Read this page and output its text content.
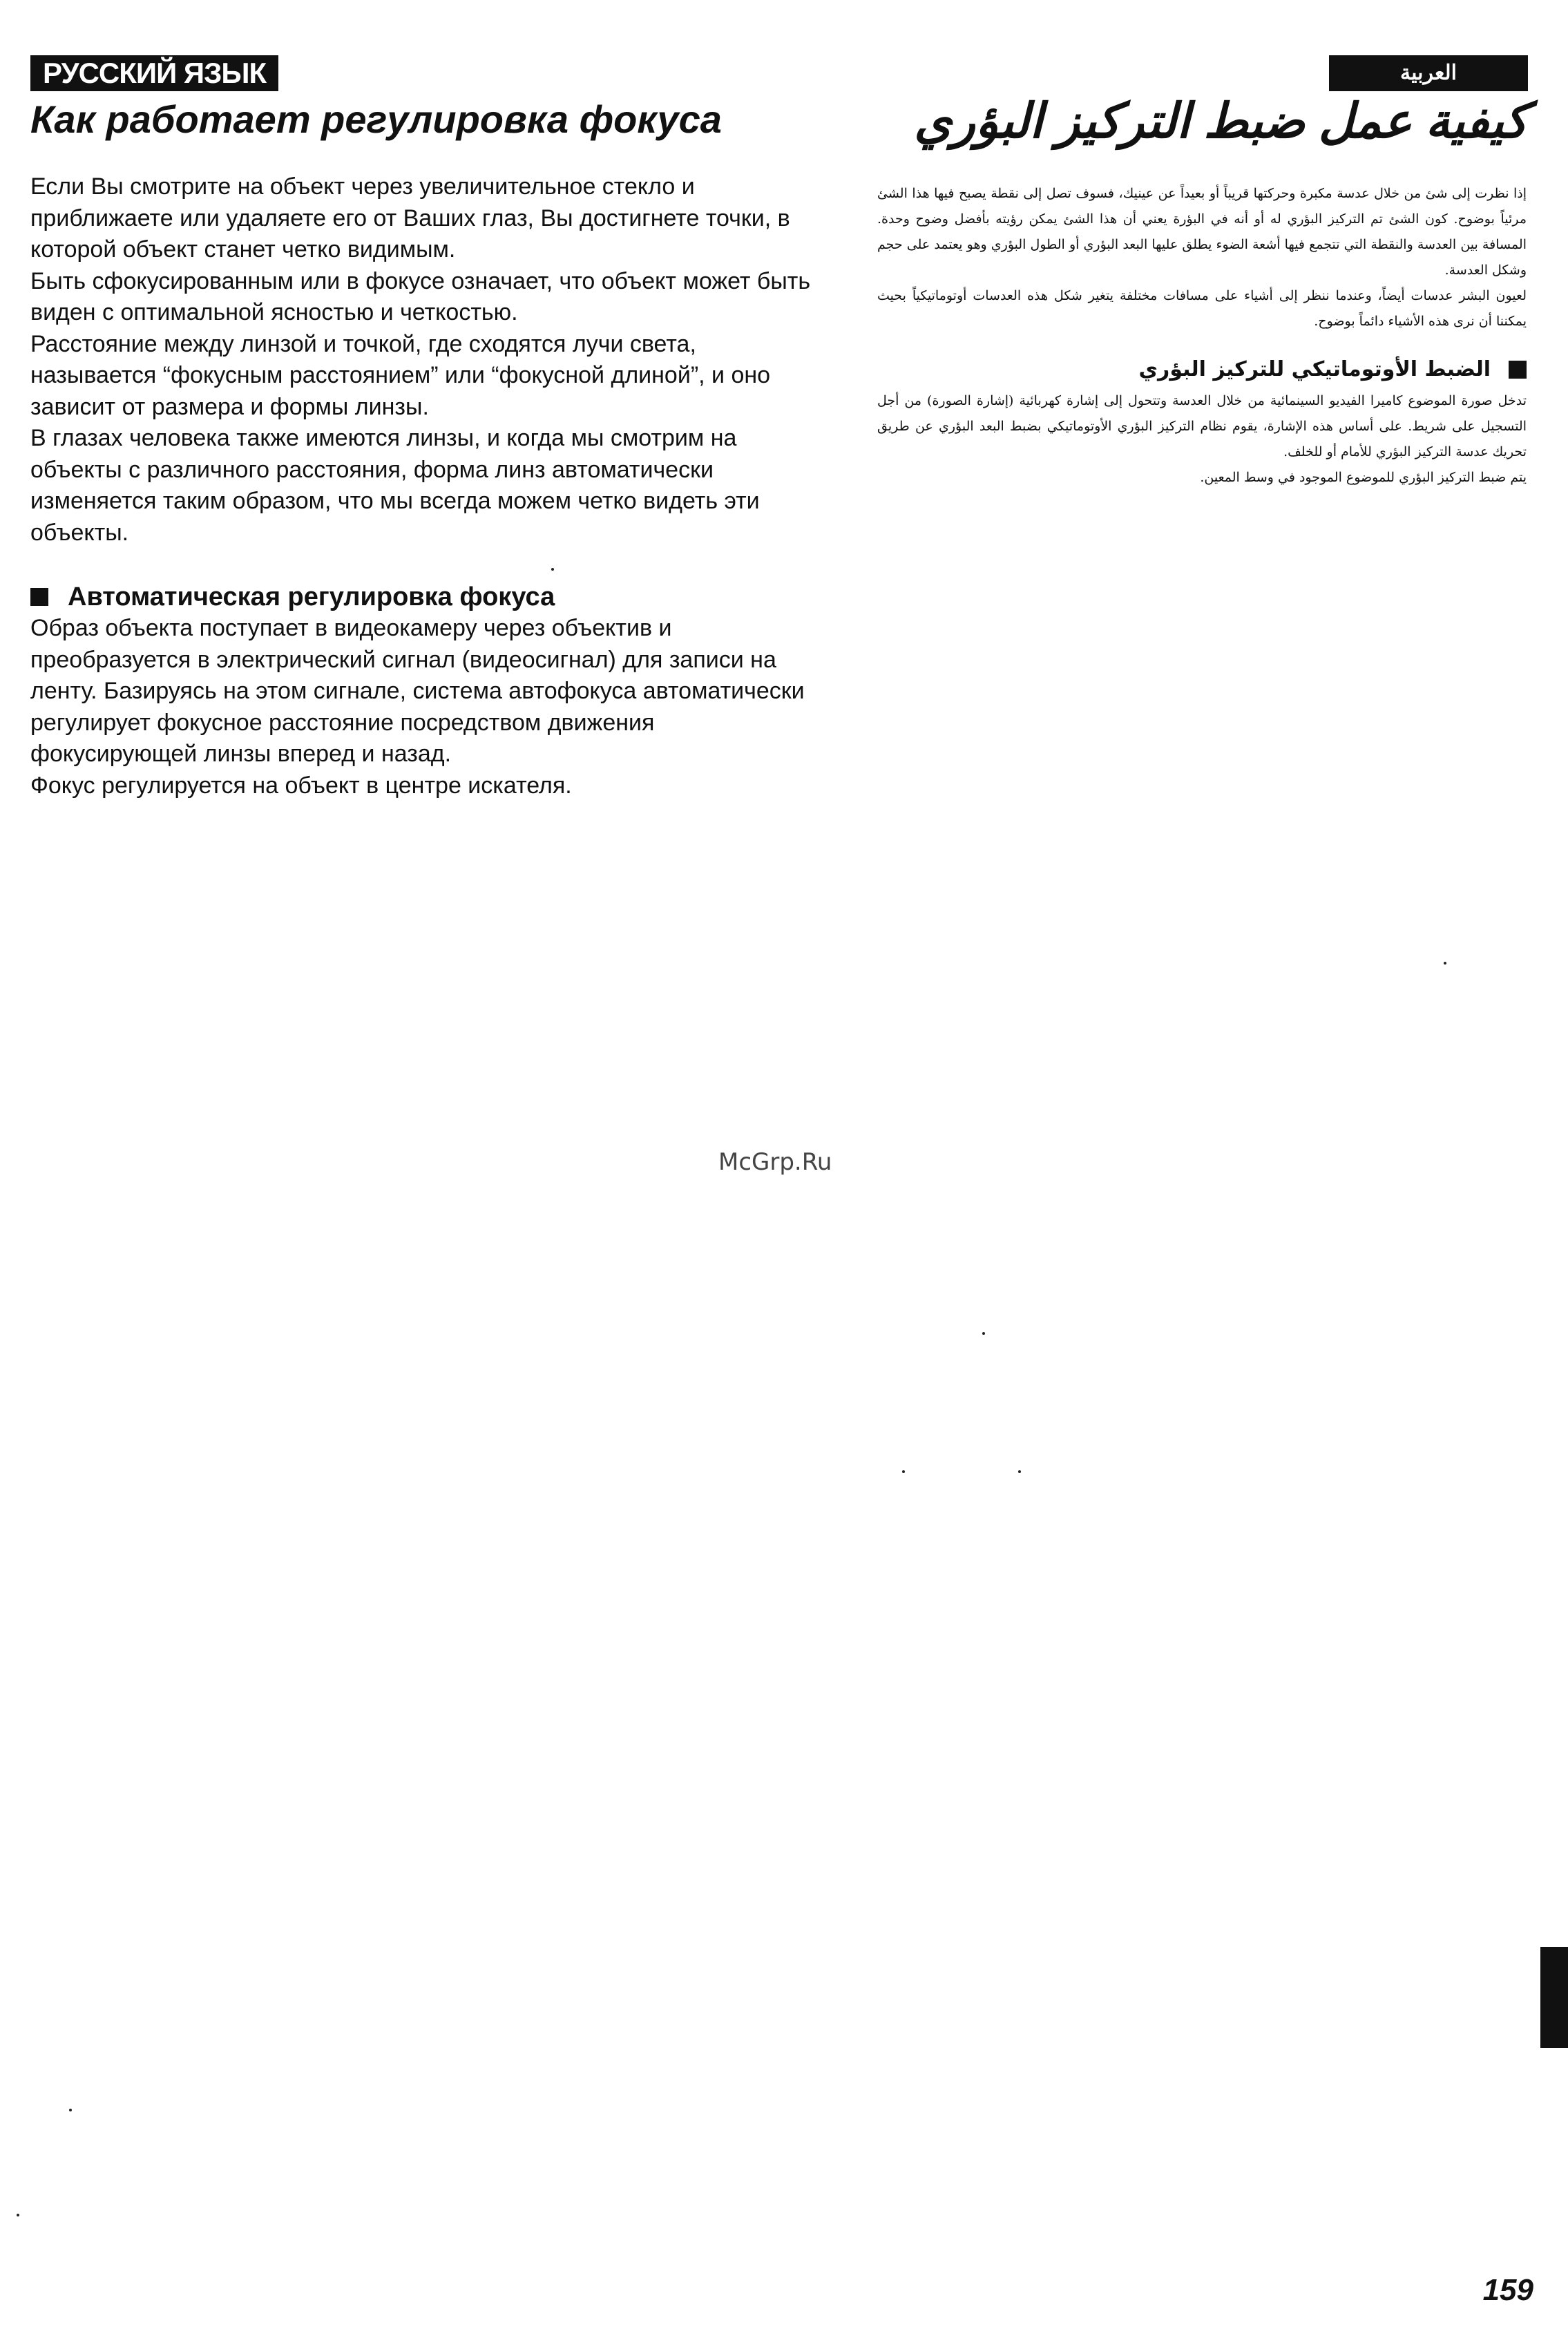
РУССКИЙ ЯЗЫК	العربية
Как работает регулировка фокуса	كيفية عمل ضبط التركيز البؤري

Если Вы смотрите на объект через увеличительное стекло и приближаете или удаляете его от Ваших глаз, Вы достигнете точки, в которой объект станет четко видимым.

Быть сфокусированным или в фокусе означает, что объект может быть виден с оптимальной ясностью и четкостью.

Расстояние между линзой и точкой, где сходятся лучи света, называется “фокусным расстоянием” или “фокусной длиной”, и оно зависит от размера и формы линзы.

В глазах человека также имеются линзы, и когда мы смотрим на объекты с различного расстояния, форма линз автоматически изменяется таким образом, что мы всегда можем четко видеть эти объекты.

Автоматическая регулировка фокуса

Образ объекта поступает в видеокамеру через объектив и преобразуется в электрический сигнал (видеосигнал) для записи на ленту. Базируясь на этом сигнале, система автофокуса автоматически регулирует фокусное расстояние посредством движения фокусирующей линзы вперед и назад.

Фокус регулируется на объект в центре искателя.

إذا نظرت إلى شئ من خلال عدسة مكبرة وحركتها قريباً أو بعيداً عن عينيك، فسوف تصل إلى نقطة يصبح فيها هذا الشئ مرئياً بوضوح. كون الشئ تم التركيز البؤري له أو أنه في البؤرة يعني أن هذا الشئ يمكن رؤيته بأفضل وضوح وحدة. المسافة بين العدسة والنقطة التي تتجمع فيها أشعة الضوء يطلق عليها البعد البؤري أو الطول البؤري وهو يعتمد على حجم وشكل العدسة.

لعيون البشر عدسات أيضاً، وعندما ننظر إلى أشياء على مسافات مختلفة يتغير شكل هذه العدسات أوتوماتيكياً بحيث يمكننا أن نرى هذه الأشياء دائماً بوضوح.

الضبط الأوتوماتيكي للتركيز البؤري

تدخل صورة الموضوع كاميرا الفيديو السينمائية من خلال العدسة وتتحول إلى إشارة كهربائية (إشارة الصورة) من أجل التسجيل على شريط. على أساس هذه الإشارة، يقوم نظام التركيز البؤري الأوتوماتيكي بضبط البعد البؤري عن طريق تحريك عدسة التركيز البؤري للأمام أو للخلف.

يتم ضبط التركيز البؤري للموضوع الموجود في وسط المعين.

McGrp.Ru
159
